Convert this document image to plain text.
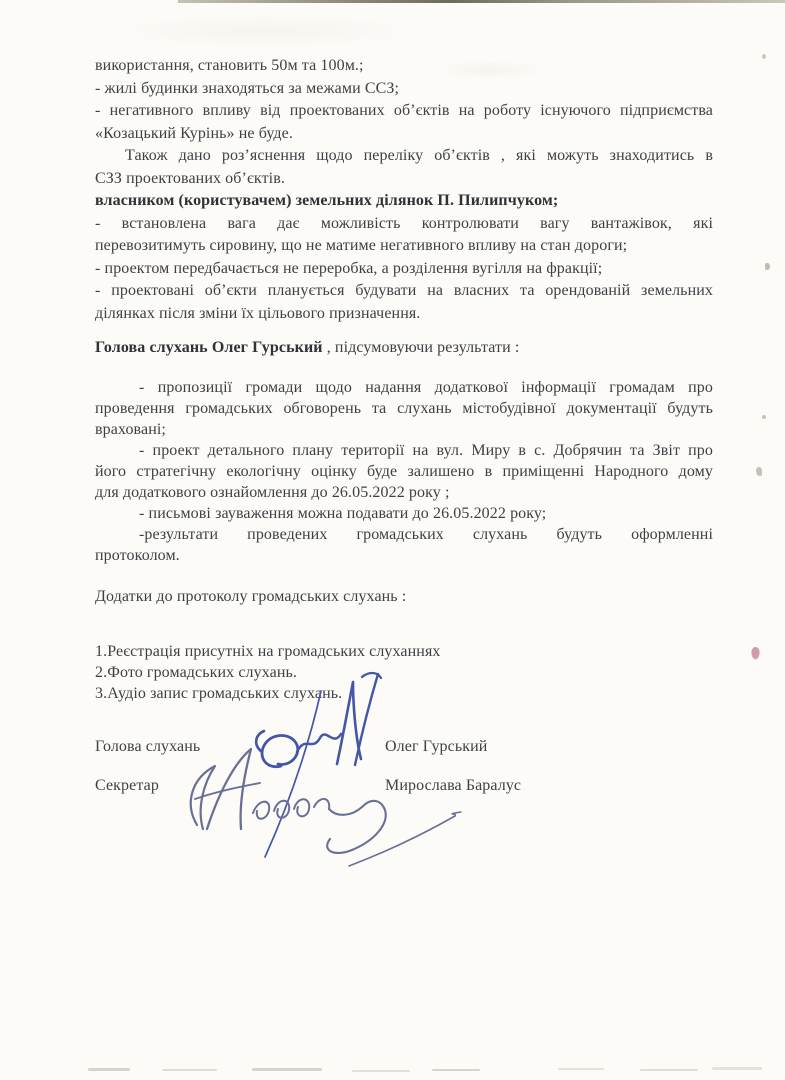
використання, становить 50м та 100м.;
- жилі будинки знаходяться за межами ССЗ;
- негативного впливу від проектованих об’єктів на роботу існуючого підприємства
«Козацький Курінь» не буде.
Також дано роз’яснення щодо переліку об’єктів , які можуть знаходитись в
СЗЗ проектованих об’єктів.
власником (користувачем) земельних ділянок П. Пилипчуком;
- встановлена вага дає можливість контролювати вагу вантажівок, які
перевозитимуть сировину, що не матиме негативного впливу на стан дороги;
- проектом передбачається не переробка, а розділення вугілля на фракції;
- проектовані об’єкти планується будувати на власних та орендованій земельних
ділянках після зміни їх цільового призначення.
Голова слухань Олег Гурський , підсумовуючи результати :
- пропозиції громади щодо надання додаткової інформації громадам про
проведення громадських обговорень та слухань містобудівної документації будуть
враховані;
- проект детального плану території на вул. Миру в с. Добрячин та Звіт про
його стратегічну екологічну оцінку буде залишено в приміщенні Народного дому
для додаткового ознайомлення до 26.05.2022 року ;
- письмові зауваження можна подавати до 26.05.2022 року;
-результати проведених громадських слухань будуть оформленні
протоколом.
Додатки до протоколу громадських слухань :
1.Реєстрація присутніх на громадських слуханнях
2.Фото громадських слухань.
3.Аудіо запис громадських слухань.
Голова слухань	Олег Гурський
Секретар	Мирослава Баралус
